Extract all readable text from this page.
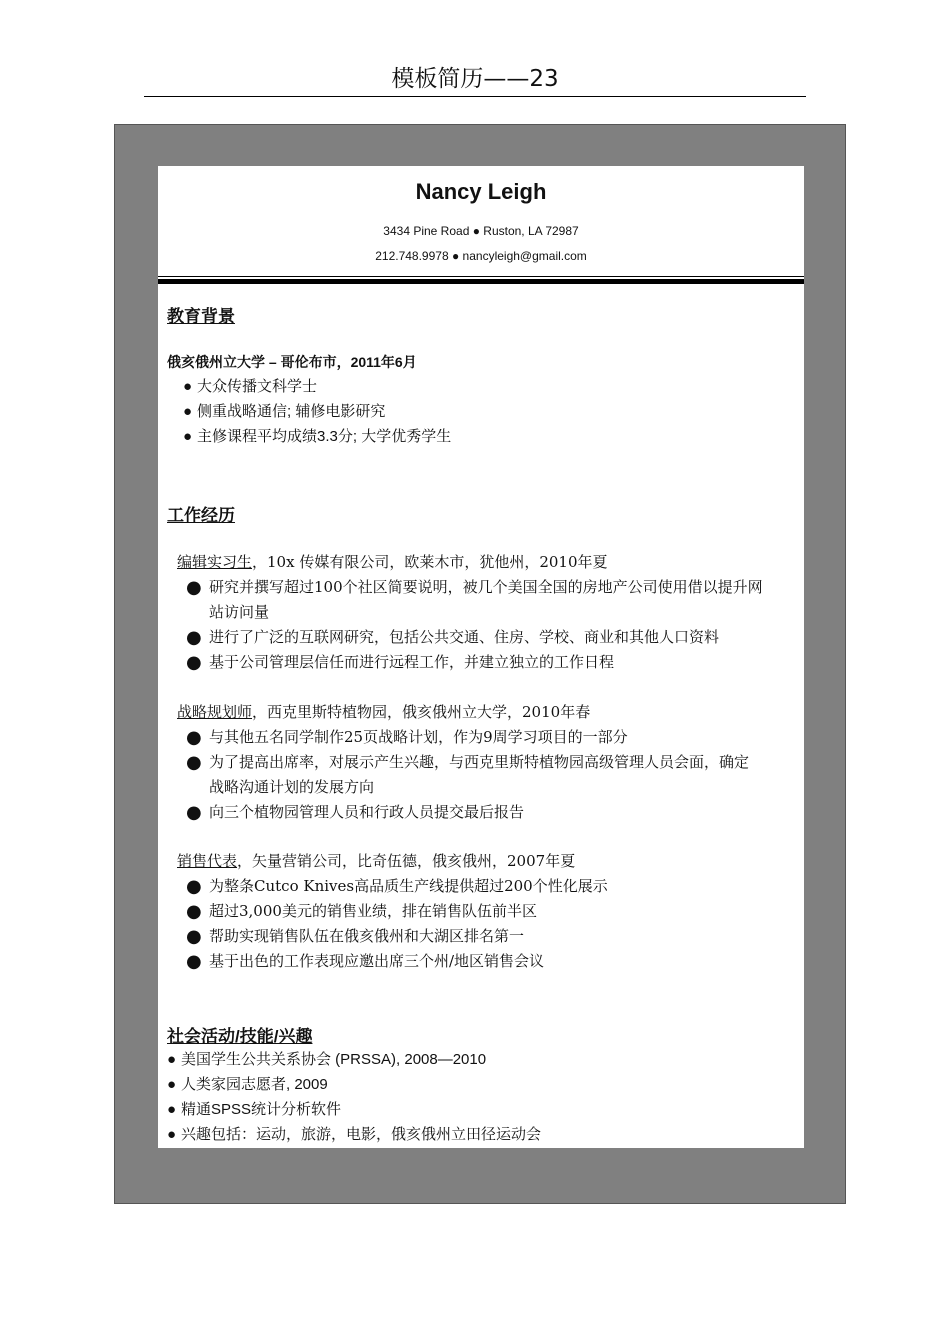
模板简历——23
Nancy Leigh
3434 Pine Road ● Ruston, LA 72987
212.748.9978 ● nancyleigh@gmail.com
教育背景
俄亥俄州立大学 – 哥伦布市，2011年6月
● 大众传播文科学士
● 侧重战略通信; 辅修电影研究
● 主修课程平均成绩3.3分; 大学优秀学生
工作经历
编辑实习生，10x 传媒有限公司，欧莱木市，犹他州，2010年夏
● 研究并撰写超过100个社区简要说明，被几个美国全国的房地产公司使用借以提升网
站访问量
● 进行了广泛的互联网研究，包括公共交通、住房、学校、商业和其他人口资料
● 基于公司管理层信任而进行远程工作，并建立独立的工作日程
战略规划师，西克里斯特植物园，俄亥俄州立大学，2010年春
● 与其他五名同学制作25页战略计划，作为9周学习项目的一部分
● 为了提高出席率，对展示产生兴趣，与西克里斯特植物园高级管理人员会面，确定
战略沟通计划的发展方向
● 向三个植物园管理人员和行政人员提交最后报告
销售代表，矢量营销公司，比奇伍德，俄亥俄州，2007年夏
● 为整条Cutco Knives高品质生产线提供超过200个性化展示
● 超过3,000美元的销售业绩，排在销售队伍前半区
● 帮助实现销售队伍在俄亥俄州和大湖区排名第一
● 基于出色的工作表现应邀出席三个州/地区销售会议
社会活动/技能/兴趣
● 美国学生公共关系协会 (PRSSA), 2008—2010
● 人类家园志愿者, 2009
● 精通SPSS统计分析软件
● 兴趣包括：运动，旅游，电影，俄亥俄州立田径运动会
